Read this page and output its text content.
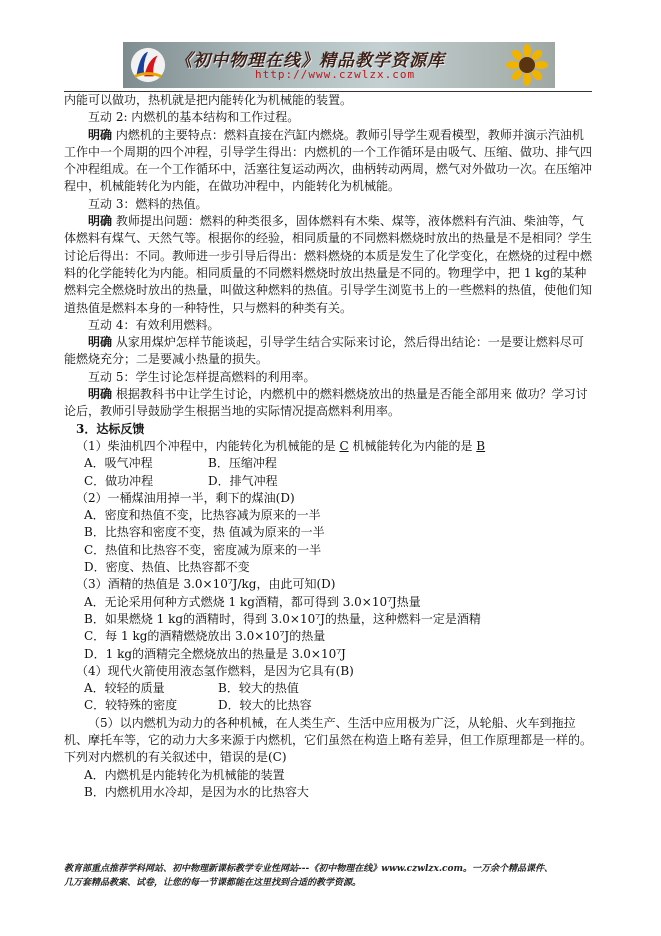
《初中物理在线》精品教学资源库
http://www.czwlzx.com

内能可以做功，热机就是把内能转化为机械能的装置。

互动 2: 内燃机的基本结构和工作过程。

明确 内燃机的主要特点：燃料直接在汽缸内燃烧。教师引导学生观看模型，教师并演示汽油机工作中一个周期的四个冲程，引导学生得出：内燃机的一个工作循环是由吸气、压缩、做功、排气四个冲程组成。在一个工作循环中，活塞往复运动两次，曲柄转动两周，燃气对外做功一次。在压缩冲程中，机械能转化为内能，在做功冲程中，内能转化为机械能。

互动 3：燃料的热值。

明确 教师提出问题：燃料的种类很多，固体燃料有木柴、煤等，液体燃料有汽油、柴油等，气体燃料有煤气、天然气等。根据你的经验，相同质量的不同燃料燃烧时放出的热量是不是相同？学生讨论后得出：不同。教师进一步引导后得出：燃料燃烧的本质是发生了化学变化，在燃烧的过程中燃料的化学能转化为内能。相同质量的不同燃料燃烧时放出热量是不同的。物理学中，把 1 kg的某种燃料完全燃烧时放出的热量，叫做这种燃料的热值。引导学生浏览书上的一些燃料的热值，使他们知道热值是燃料本身的一种特性，只与燃料的种类有关。

互动 4：有效利用燃料。

明确 从家用煤炉怎样节能谈起，引导学生结合实际来讨论，然后得出结论：一是要让燃料尽可能燃烧充分；二是要减小热量的损失。

互动 5：学生讨论怎样提高燃料的利用率。

明确 根据教科书中让学生讨论，内燃机中的燃料燃烧放出的热量是否能全部用来 做功？学习讨论后，教师引导鼓励学生根据当地的实际情况提高燃料利用率。

3．达标反馈

（1）柴油机四个冲程中，内能转化为机械能的是 C 机械能转化为内能的是 B

A．吸气冲程	B．压缩冲程

C．做功冲程	D．排气冲程

（2）一桶煤油用掉一半，剩下的煤油(D)

A．密度和热值不变，比热容减为原来的一半

B．比热容和密度不变，热 值减为原来的一半

C．热值和比热容不变，密度减为原来的一半

D．密度、热值、比热容都不变

（3）酒精的热值是 3.0×10⁷J/kg，由此可知(D)

A．无论采用何种方式燃烧 1 kg酒精，都可得到 3.0×10⁷J热量

B．如果燃烧 1 kg的酒精时，得到 3.0×10⁷J的热量，这种燃料一定是酒精

C．每 1 kg的酒精燃烧放出 3.0×10⁷J的热量

D．1 kg的酒精完全燃烧放出的热量是 3.0×10⁷J

（4）现代火箭使用液态氢作燃料，是因为它具有(B)

A．较轻的质量	B．较大的热值

C．较特殊的密度	D．较大的比热容

（5）以内燃机为动力的各种机械，在人类生产、生活中应用极为广泛，从轮船、火车到拖拉机、摩托车等，它的动力大多来源于内燃机，它们虽然在构造上略有差异，但工作原理都是一样的。下列对内燃机的有关叙述中，错误的是(C)

A．内燃机是内能转化为机械能的装置

B．内燃机用水冷却，是因为水的比热容大

教育部重点推荐学科网站、初中物理新课标教学专业性网站---《初中物理在线》www.czwlzx.com。一万余个精品课件、
几万套精品教案、试卷，让您的每一节课都能在这里找到合适的教学资源。
